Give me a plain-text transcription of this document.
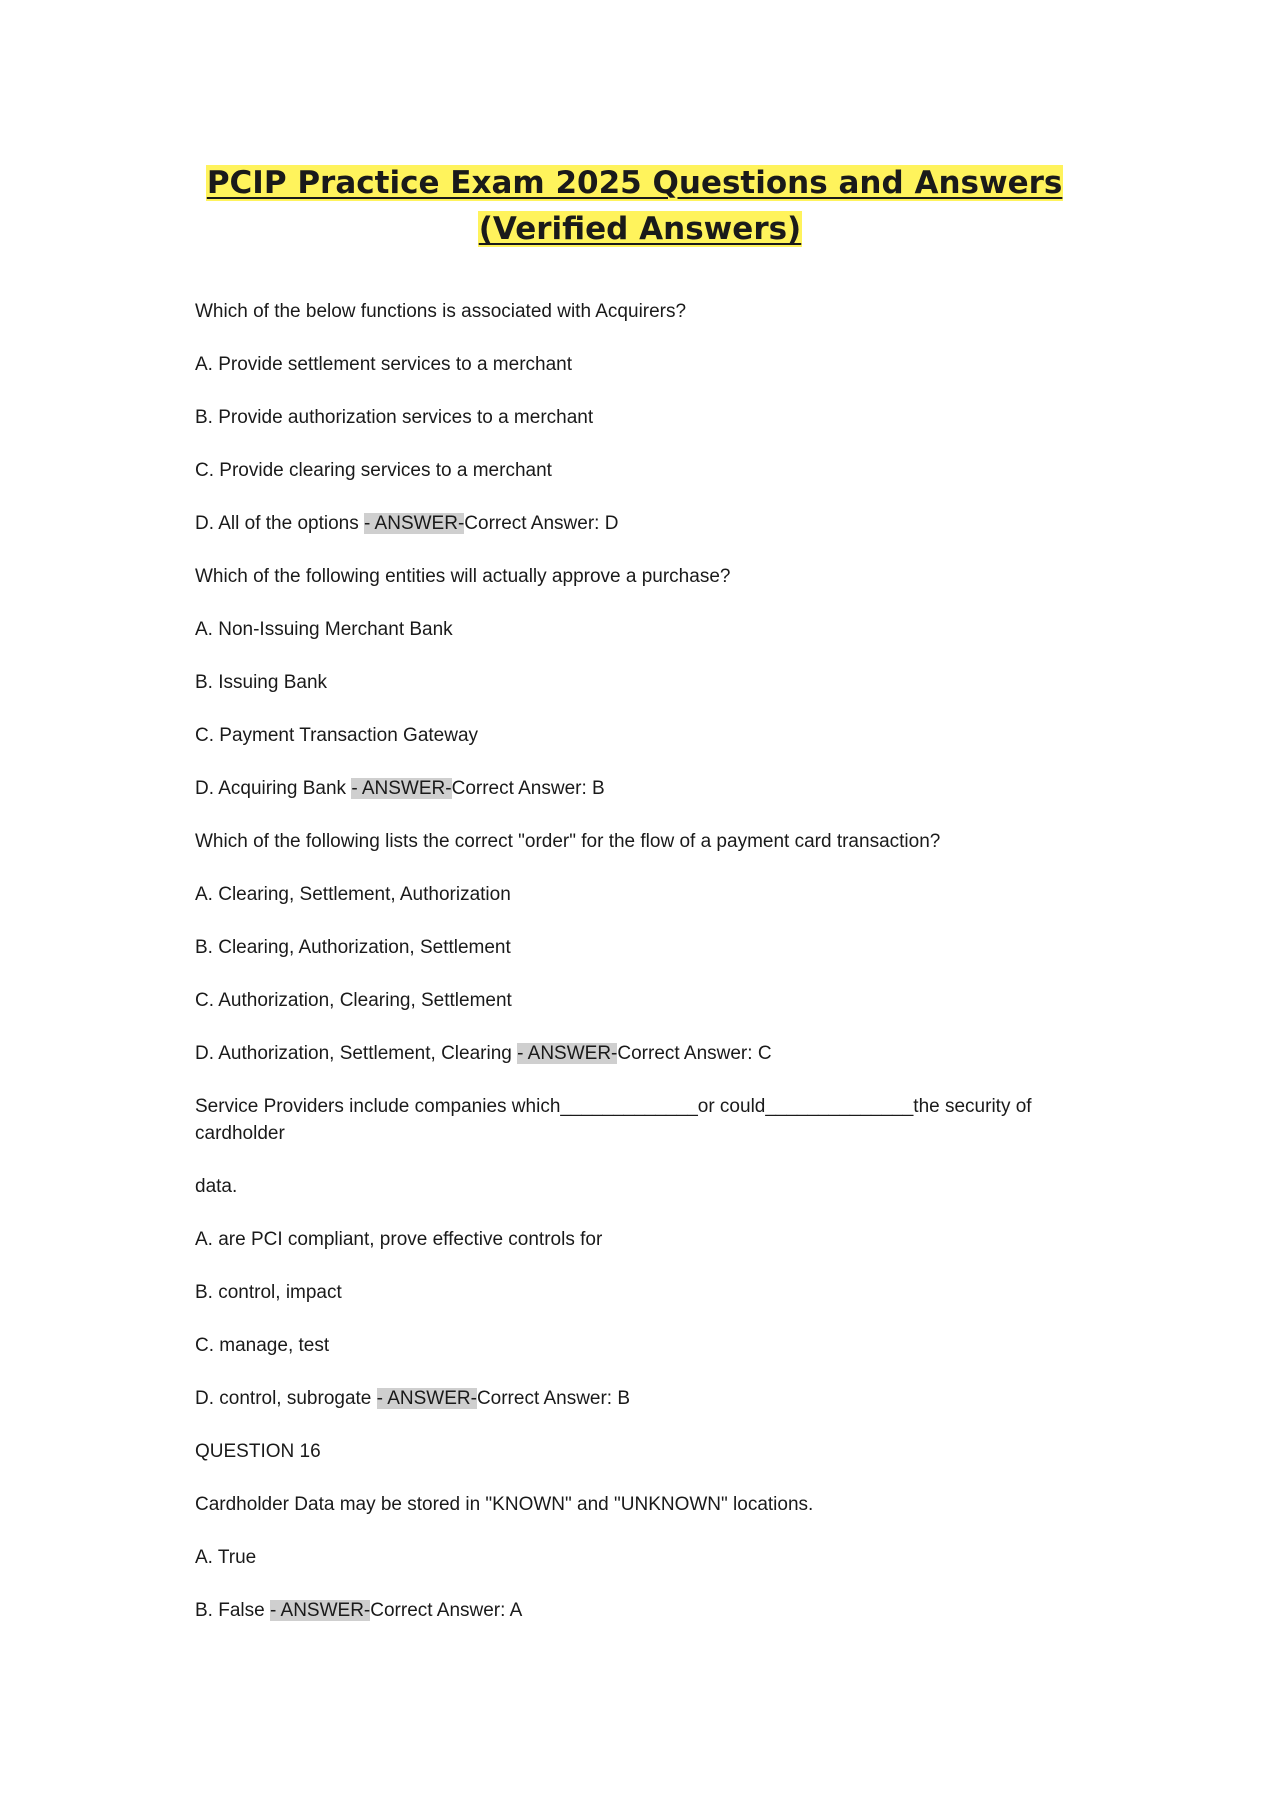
PCIP Practice Exam 2025 Questions and Answers
(Verified Answers)

Which of the below functions is associated with Acquirers?

A. Provide settlement services to a merchant

B. Provide authorization services to a merchant

C. Provide clearing services to a merchant

D. All of the options - ANSWER-Correct Answer: D

Which of the following entities will actually approve a purchase?

A. Non-Issuing Merchant Bank

B. Issuing Bank

C. Payment Transaction Gateway

D. Acquiring Bank - ANSWER-Correct Answer: B

Which of the following lists the correct "order" for the flow of a payment card transaction?

A. Clearing, Settlement, Authorization

B. Clearing, Authorization, Settlement

C. Authorization, Clearing, Settlement

D. Authorization, Settlement, Clearing - ANSWER-Correct Answer: C

Service Providers include companies which_____________or could______________the security of cardholder

data.

A. are PCI compliant, prove effective controls for

B. control, impact

C. manage, test

D. control, subrogate - ANSWER-Correct Answer: B

QUESTION 16

Cardholder Data may be stored in "KNOWN" and "UNKNOWN" locations.

A. True

B. False - ANSWER-Correct Answer: A
